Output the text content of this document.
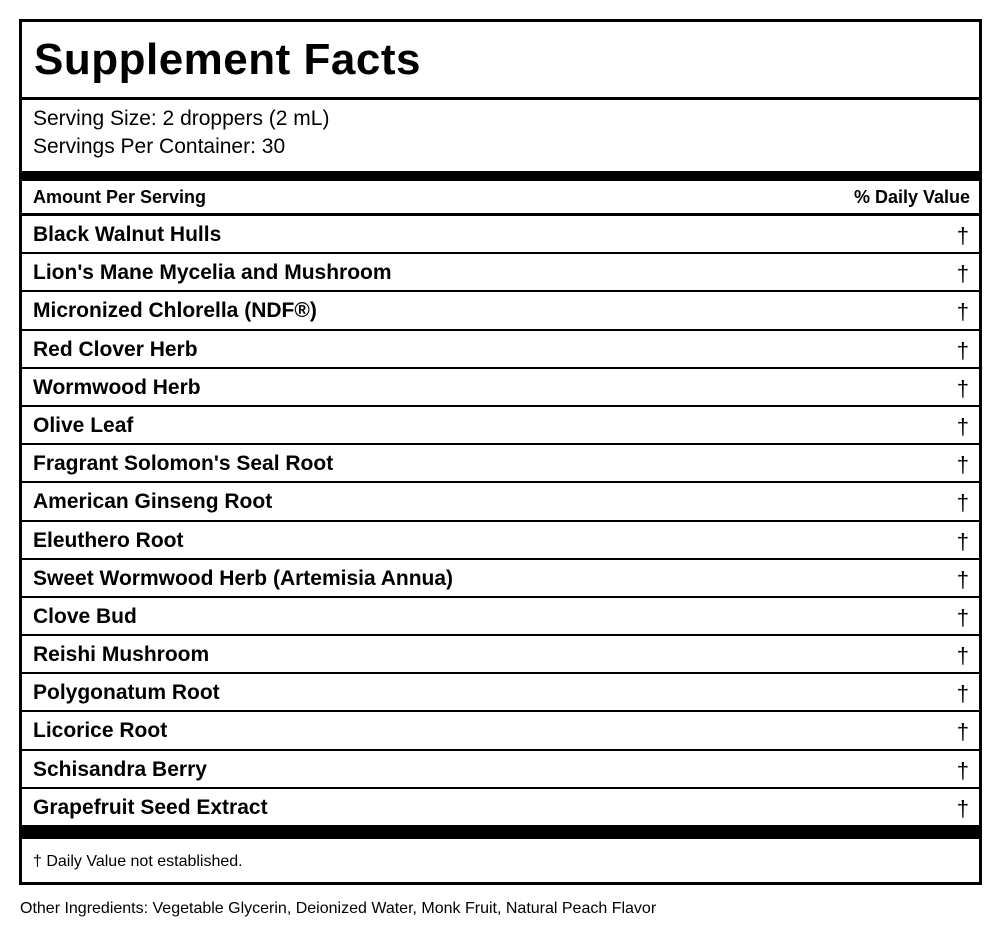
Supplement Facts
Serving Size: 2 droppers (2 mL)
Servings Per Container: 30
Amount Per Serving	% Daily Value
Black Walnut Hulls	†
Lion's Mane Mycelia and Mushroom	†
Micronized Chlorella (NDF®)	†
Red Clover Herb	†
Wormwood Herb	†
Olive Leaf	†
Fragrant Solomon's Seal Root	†
American Ginseng Root	†
Eleuthero Root	†
Sweet Wormwood Herb (Artemisia Annua)	†
Clove Bud	†
Reishi Mushroom	†
Polygonatum Root	†
Licorice Root	†
Schisandra Berry	†
Grapefruit Seed Extract	†
† Daily Value not established.
Other Ingredients: Vegetable Glycerin, Deionized Water, Monk Fruit, Natural Peach Flavor
